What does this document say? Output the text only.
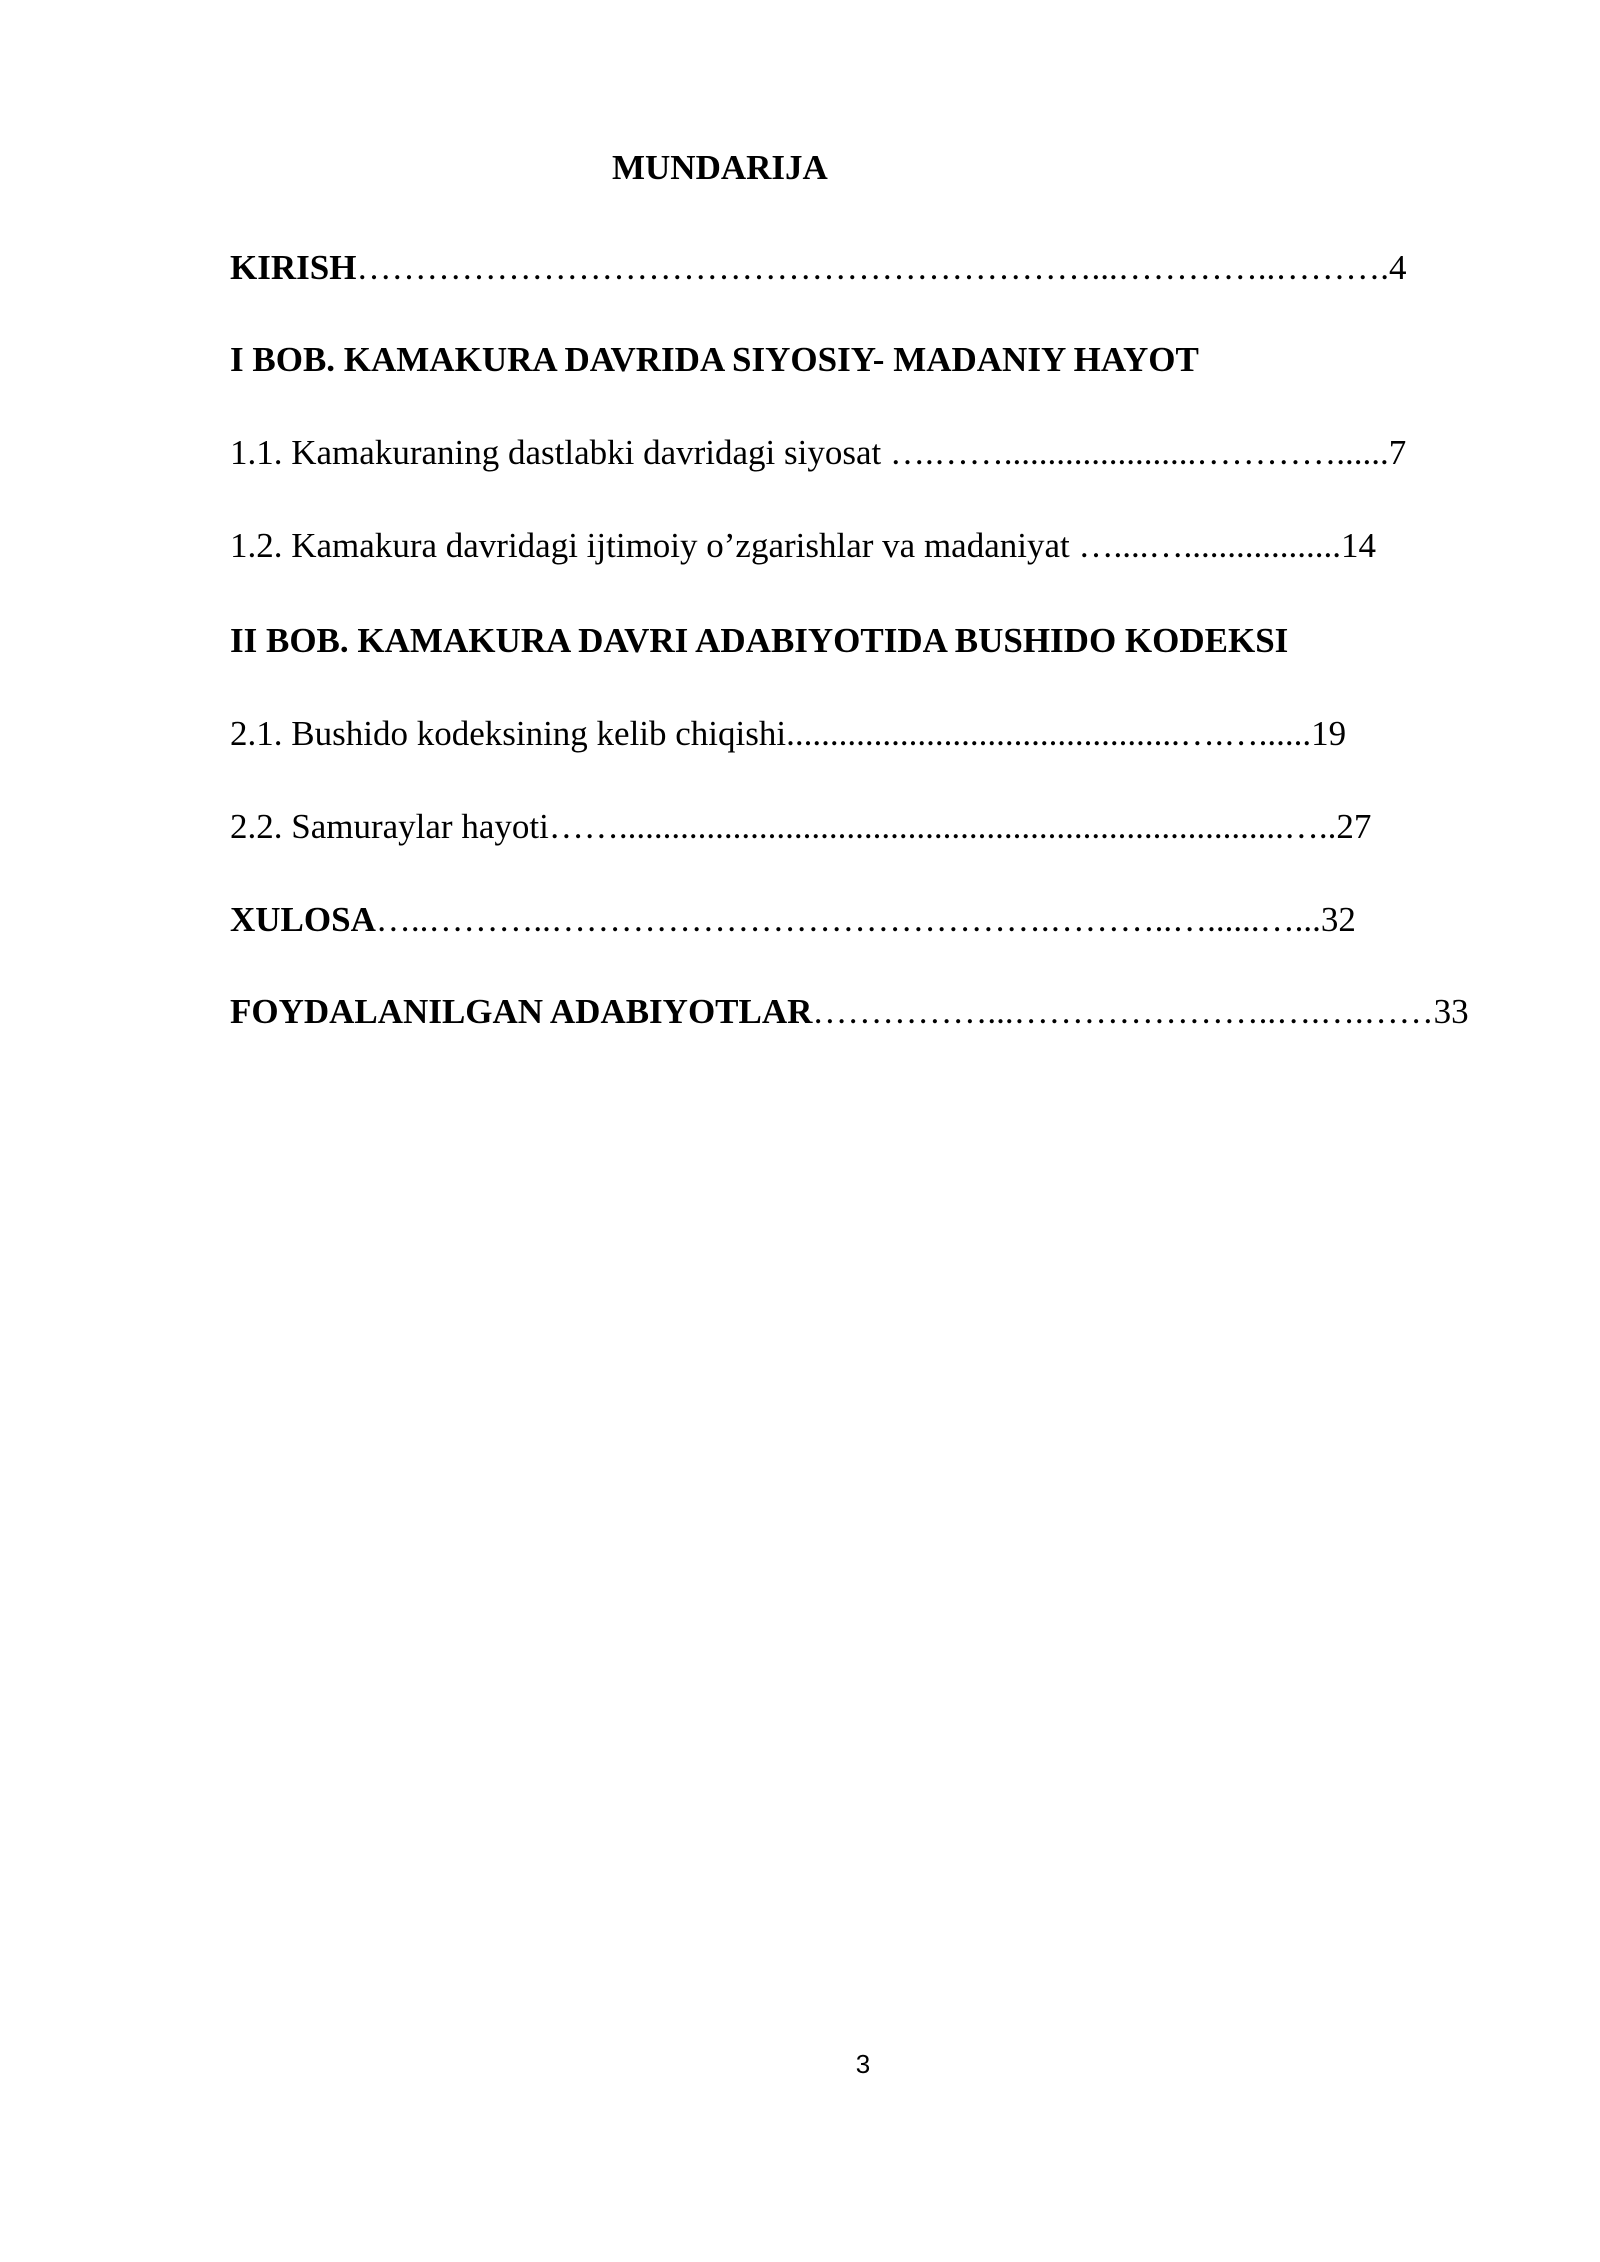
MUNDARIJA
KIRISH………………………………………………………...…………..……….4
I BOB. KAMAKURA DAVRIDA SIYOSIY- MADANIY HAYOT
1.1. Kamakuraning dastlabki davridagi siyosat ….……......................…………......7
1.2. Kamakura davridagi ijtimoiy o’zgarishlar va madaniyat …....…..................14
II BOB. KAMAKURA DAVRI ADABIYOTIDA BUSHIDO KODEKSI
2.1. Bushido kodeksining kelib chiqishi.............................................….…......19
2.2. Samuraylar hayoti……............................................................................…..27
XULOSA…..………..…………………………………….………..…......…...32
FOYDALANILGAN ADABIYOTLAR……………...…………………..….….……33
3
